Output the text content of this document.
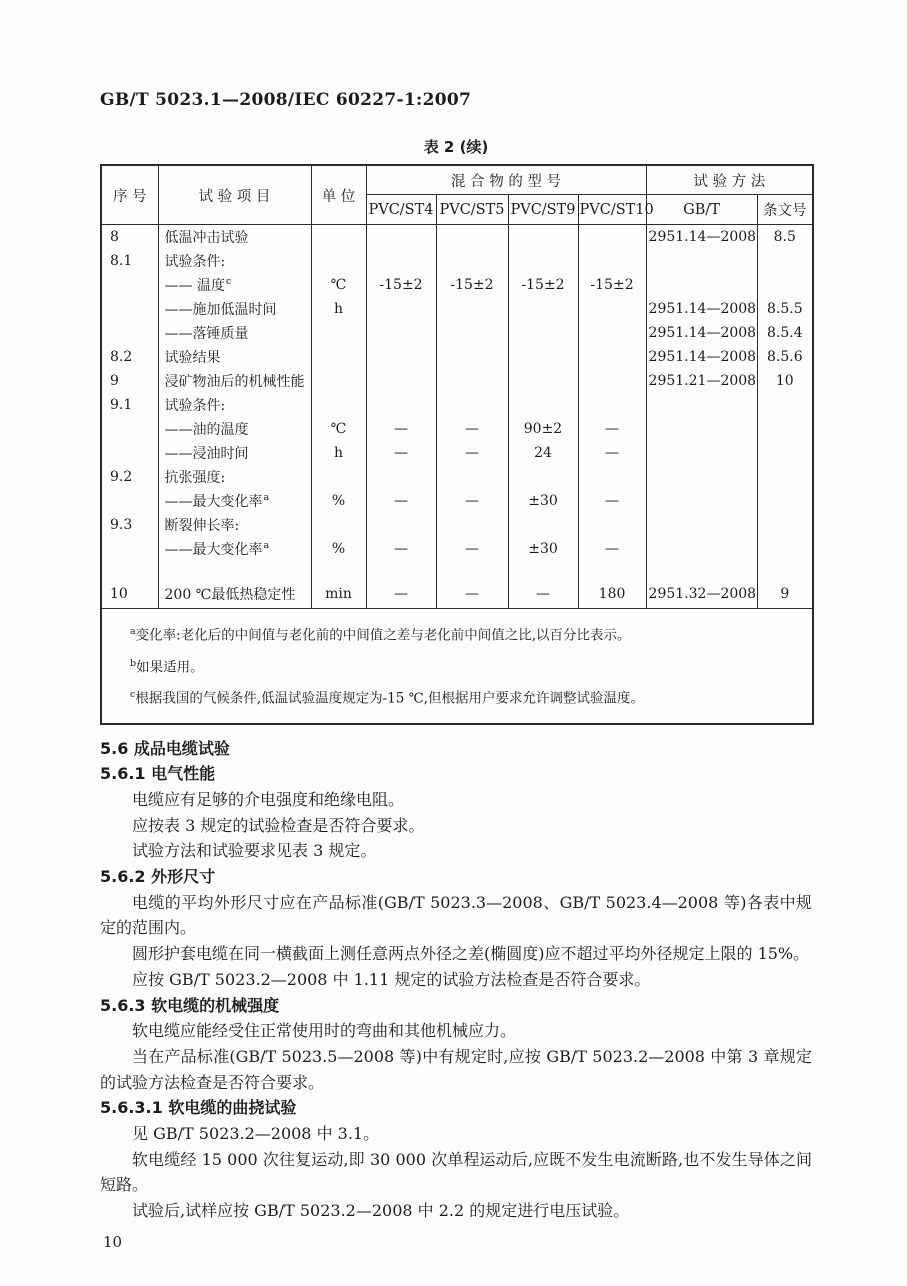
GB/T 5023.1—2008/IEC 60227-1:2007
表 2 (续)
序 号	试 验 项 目	单 位	混 合 物 的 型 号				试 验 方 法	
			PVC/ST4	PVC/ST5	PVC/ST9	PVC/ST10	GB/T	条文号
8	低温冲击试验						2951.14—2008	8.5
8.1	试验条件:							
	—— 温度$^c$	℃	-15±2	-15±2	-15±2	-15±2		
	——施加低温时间	h					2951.14—2008	8.5.5
	——落锤质量						2951.14—2008	8.5.4
8.2	试验结果						2951.14—2008	8.5.6
9	浸矿物油后的机械性能						2951.21—2008	10
9.1	试验条件:							
	——油的温度	℃	—	—	90±2	—		
	——浸油时间	h	—	—	24	—		
9.2	抗张强度:							
	——最大变化率$^a$	%	—	—	±30	—		
9.3	断裂伸长率:							
	——最大变化率$^a$	%	—	—	±30	—		

10	200 ℃最低热稳定性	min	—	—	—	180	2951.32—2008	9

$^a$变化率:老化后的中间值与老化前的中间值之差与老化前中间值之比,以百分比表示。
$^b$如果适用。
$^c$根据我国的气候条件,低温试验温度规定为-15 ℃,但根据用户要求允许调整试验温度。								
5.6 成品电缆试验
5.6.1 电气性能
电缆应有足够的介电强度和绝缘电阻。
应按表 3 规定的试验检查是否符合要求。
试验方法和试验要求见表 3 规定。
5.6.2 外形尺寸
电缆的平均外形尺寸应在产品标准(GB/T 5023.3—2008、GB/T 5023.4—2008 等)各表中规定的范围内。
圆形护套电缆在同一横截面上测任意两点外径之差(椭圆度)应不超过平均外径规定上限的 15%。
应按 GB/T 5023.2—2008 中 1.11 规定的试验方法检查是否符合要求。
5.6.3 软电缆的机械强度
软电缆应能经受住正常使用时的弯曲和其他机械应力。
当在产品标准(GB/T 5023.5—2008 等)中有规定时,应按 GB/T 5023.2—2008 中第 3 章规定的试验方法检查是否符合要求。
5.6.3.1 软电缆的曲挠试验
见 GB/T 5023.2—2008 中 3.1。
软电缆经 15 000 次往复运动,即 30 000 次单程运动后,应既不发生电流断路,也不发生导体之间短路。
试验后,试样应按 GB/T 5023.2—2008 中 2.2 的规定进行电压试验。
10
